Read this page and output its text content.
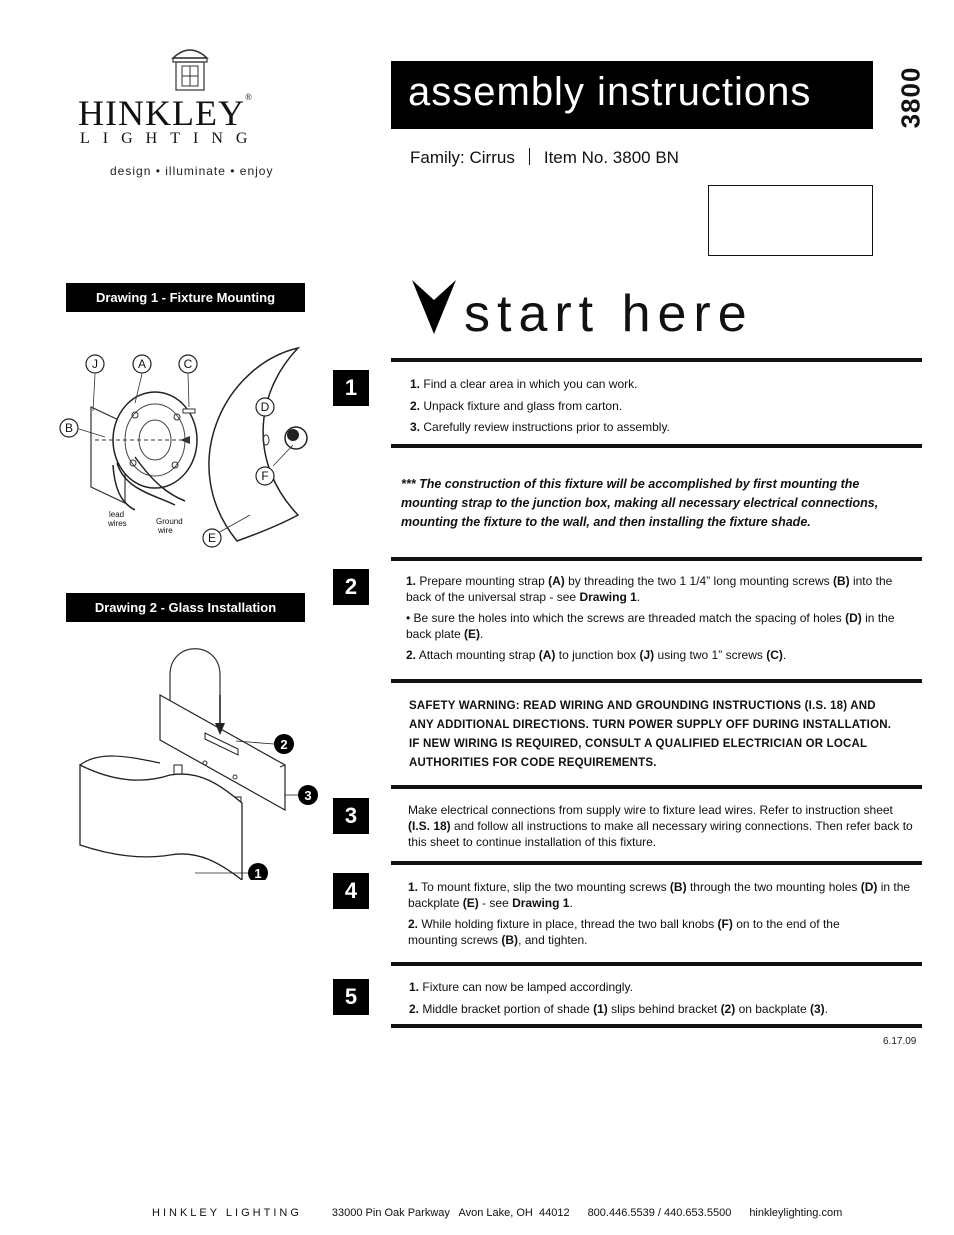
HINKLEY®
LIGHTING
design • illuminate • enjoy
assembly instructions	3800
Family: Cirrus Item No. 3800 BN
start here
Drawing 1 - Fixture Mounting
J	A	C
B
D
F
E
lead
wires	Ground
wire
Drawing 2 - Glass Installation
2
3
1
1	1. Find a clear area in which you can work.
2. Unpack fixture and glass from carton.
3. Carefully review instructions prior to assembly.
*** The construction of this fixture will be accomplished by first mounting the mounting strap to the junction box, making all necessary electrical connections, mounting the fixture to the wall, and then installing the fixture shade.
2	1. Prepare mounting strap (A) by threading the two 1 1/4” long mounting screws (B) into the back of the universal strap - see Drawing 1.

• Be sure the holes into which the screws are threaded match the spacing of holes (D) in the back plate (E).

2. Attach mounting strap (A) to junction box (J) using two 1” screws (C).

SAFETY WARNING: READ WIRING AND GROUNDING INSTRUCTIONS (I.S. 18) AND ANY ADDITIONAL DIRECTIONS. TURN POWER SUPPLY OFF DURING INSTALLATION. IF NEW WIRING IS REQUIRED, CONSULT A QUALIFIED ELECTRICIAN OR LOCAL AUTHORITIES FOR CODE REQUIREMENTS.
3	Make electrical connections from supply wire to fixture lead wires. Refer to instruction sheet (I.S. 18) and follow all instructions to make all necessary wiring connections. Then refer back to this sheet to continue installation of this fixture.
4	1. To mount fixture, slip the two mounting screws (B) through the two mounting holes (D) in the backplate (E) - see Drawing 1.

2. While holding fixture in place, thread the two ball knobs (F) on to the end of the mounting screws (B), and tighten.

5	1. Fixture can now be lamped accordingly.
2. Middle bracket portion of shade (1) slips behind bracket (2) on backplate (3).
6.17.09
HINKLEY LIGHTING	33000 Pin Oak Parkway   Avon Lake, OH  44012 800.446.5539 / 440.653.5500 hinkleylighting.com
